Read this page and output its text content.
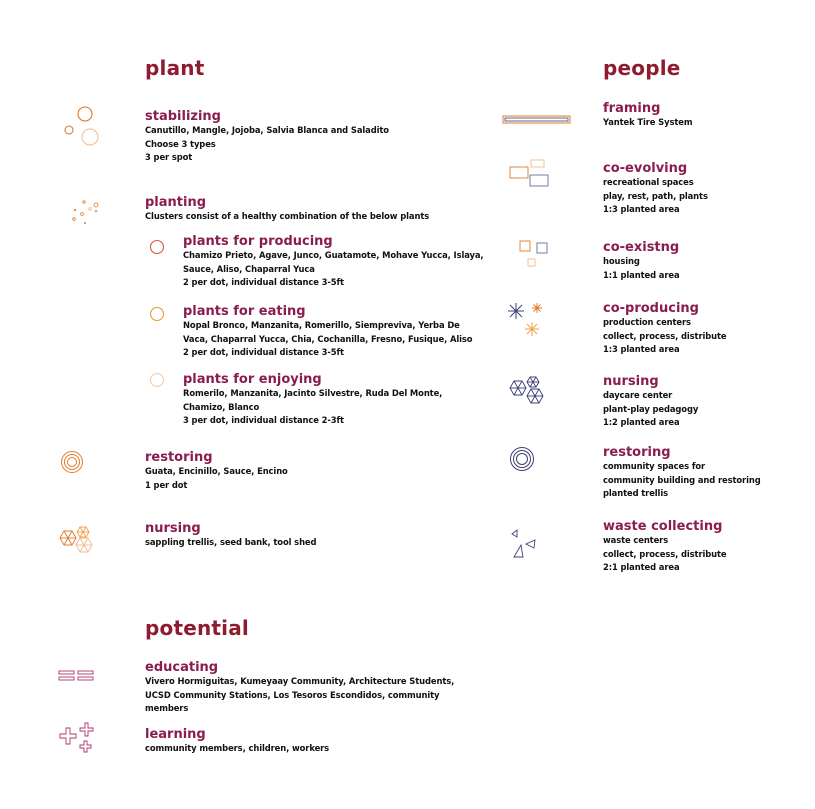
plant	people
potential

stabilizing

Canutillo, Mangle, Jojoba, Salvia Blanca and Saladito
Choose 3 types
3 per spot

planting

Clusters consist of a healthy combination of the below plants

plants for producing

Chamizo Prieto, Agave, Junco, Guatamote, Mohave Yucca, Islaya,
Sauce, Aliso, Chaparral Yuca
2 per dot, individual distance 3-5ft

plants for eating

Nopal Bronco, Manzanita, Romerillo, Siempreviva, Yerba De
Vaca, Chaparral Yucca, Chia, Cochanilla, Fresno, Fusique, Aliso
2 per dot, individual distance 3-5ft

plants for enjoying

Romerilo, Manzanita, Jacinto Silvestre, Ruda Del Monte,
Chamizo, Blanco
3 per dot, individual distance 2-3ft

restoring

Guata, Encinillo, Sauce, Encino
1 per dot

nursing

sappling trellis, seed bank, tool shed

framing

Yantek Tire System

co-evolving

recreational spaces
play, rest, path, plants
1:3 planted area

co-existng

housing
1:1 planted area

co-producing

production centers
collect, process, distribute
1:3 planted area

nursing

daycare center
plant-play pedagogy
1:2 planted area

restoring

community spaces for
community building and restoring
planted trellis

waste collecting

waste centers
collect, process, distribute
2:1 planted area

educating

Vivero Hormiguitas, Kumeyaay Community, Architecture Students,
UCSD Community Stations, Los Tesoros Escondidos, community
members

learning

community members, children, workers
